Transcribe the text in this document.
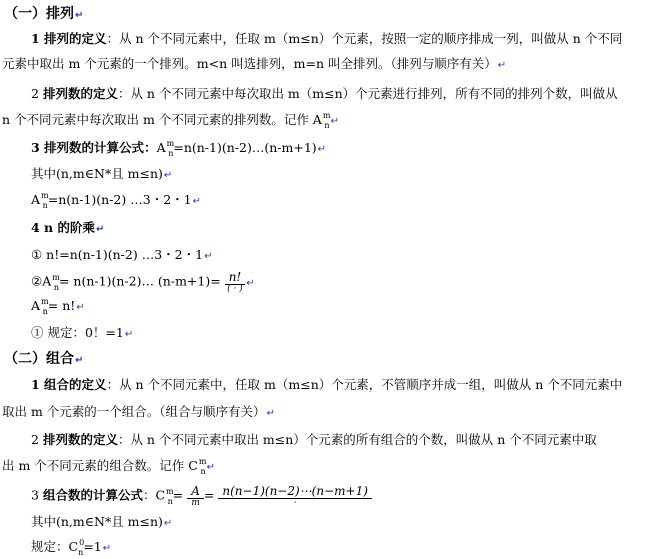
（一）排列↵
1 排列的定义：从 n 个不同元素中，任取 m（m≤n）个元素，按照一定的顺序排成一列，叫做从 n 个不同
元素中取出 m 个元素的一个排列。m<n 叫选排列，m=n 叫全排列。（排列与顺序有关）↵
2 排列数的定义：从 n 个不同元素中每次取出 m（m≤n）个元素进行排列，所有不同的排列个数，叫做从
n 个不同元素中每次取出 m 个不同元素的排列数。记作 $A^m_n↵$
3 排列数的计算公式：$A^m_n=n(n-1)(n-2)\dots(n-m+1)↵$
其中(n,m∈N*且 m≤n)↵
$A^m_n=n(n-1)(n-2)$ …3・2・1↵
4 n 的阶乘↵
① n!=n(n-1)(n-2) …3・2・1↵
$②A^m_n=$ n(n-1)(n-2)… $(n-m+1)= \frac{n!}{( \cdot )}$ ↵
$A^m_n=$ n!↵
① 规定：0！=1↵
（二）组合↵
1 组合的定义：从 n 个不同元素中，任取 m（m≤n）个元素，不管顺序并成一组，叫做从 n 个不同元素中
取出 m 个元素的一个组合。（组合与顺序有关）↵
2 排列数的定义：从 n 个不同元素中取出 m≤n）个元素的所有组合的个数，叫做从 n 个不同元素中取
出 m 个不同元素的组合数。记作 $C^m_n↵$
3 组合数的计算公式：$C^m_n= \frac{A}{m} = \frac{n(n-1)(n-2)\cdots(n-m+1)}{\cdot}$
其中(n,m∈N*且 m≤n)↵
规定：$C^0_n=1↵$
